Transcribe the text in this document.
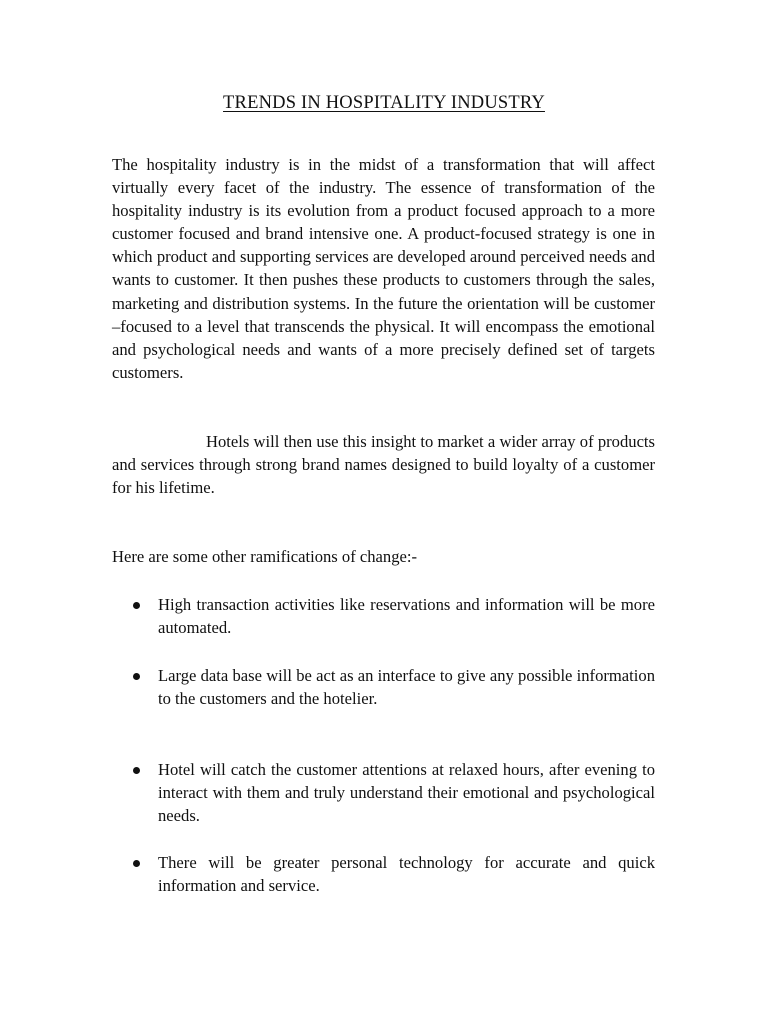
TRENDS IN HOSPITALITY INDUSTRY

The hospitality industry is in the midst of a transformation that will affect virtually every facet of the industry. The essence of transformation of the hospitality industry is its evolution from a product focused approach to a more customer focused and brand intensive one. A product-focused strategy is one in which product and supporting services are developed around perceived needs and wants to customer. It then pushes these products to customers through the sales, marketing and distribution systems. In the future the orientation will be customer –focused to a level that transcends the physical. It will encompass the emotional and psychological needs and wants of a more precisely defined set of targets customers.

Hotels will then use this insight to market a wider array of products and services through strong brand names designed to build loyalty of a customer for his lifetime.

Here are some other ramifications of change:-

High transaction activities like reservations and information will be more automated.
Large data base will be act as an interface to give any possible information to the customers and the hotelier.
Hotel will catch the customer attentions at relaxed hours, after evening to interact with them and truly understand their emotional and psychological needs.
There will be greater personal technology for accurate and quick information and service.
